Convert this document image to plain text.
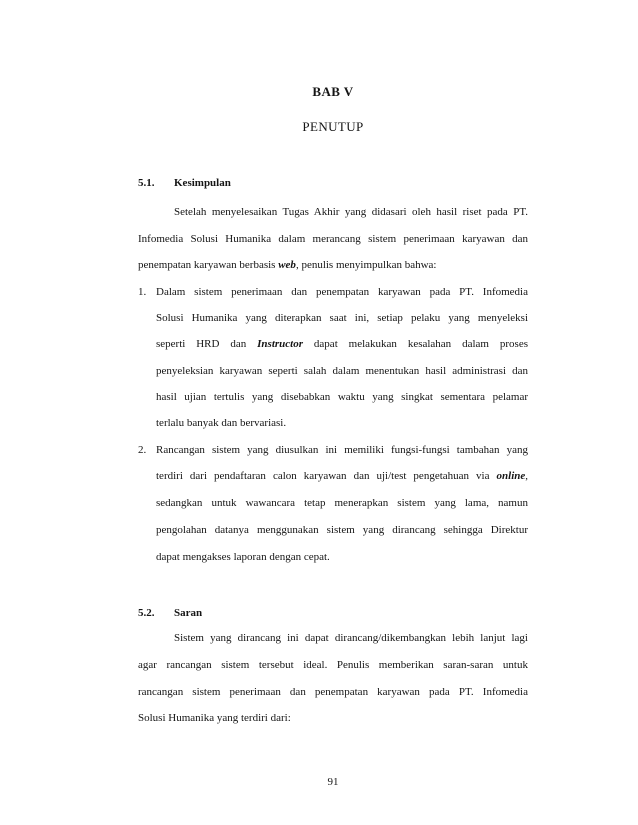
BAB V
PENUTUP
5.1.	Kesimpulan
Setelah menyelesaikan Tugas Akhir yang didasari oleh hasil riset pada PT.
Infomedia Solusi Humanika dalam merancang sistem penerimaan karyawan dan
penempatan karyawan berbasis web, penulis menyimpulkan bahwa:
1. Dalam sistem penerimaan dan penempatan karyawan pada PT. Infomedia
Solusi Humanika yang diterapkan saat ini, setiap pelaku yang menyeleksi
seperti HRD dan Instructor dapat melakukan kesalahan dalam proses
penyeleksian karyawan seperti salah dalam menentukan hasil administrasi dan
hasil ujian tertulis yang disebabkan waktu yang singkat sementara pelamar
terlalu banyak dan bervariasi.
2. Rancangan sistem yang diusulkan ini memiliki fungsi-fungsi tambahan yang
terdiri dari pendaftaran calon karyawan dan uji/test pengetahuan via online,
sedangkan untuk wawancara tetap menerapkan sistem yang lama, namun
pengolahan datanya menggunakan sistem yang dirancang sehingga Direktur
dapat mengakses laporan dengan cepat.
5.2.	Saran
Sistem yang dirancang ini dapat dirancang/dikembangkan lebih lanjut lagi
agar rancangan sistem tersebut ideal. Penulis memberikan saran-saran untuk
rancangan sistem penerimaan dan penempatan karyawan pada PT. Infomedia
Solusi Humanika yang terdiri dari:
91
